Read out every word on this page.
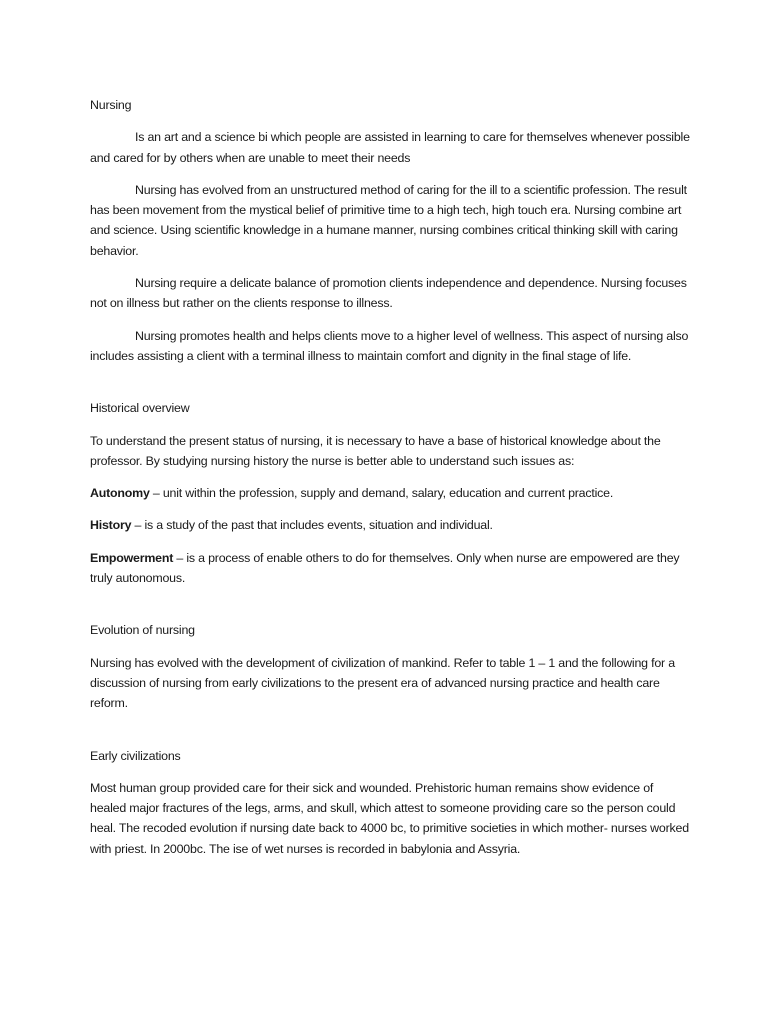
Nursing

Is an art and a science bi which people are assisted in learning to care for themselves whenever possible and cared for by others when are unable to meet their needs

Nursing has evolved from an unstructured method of caring for the ill to a scientific profession. The result has been movement from the mystical belief of primitive time to a high tech, high touch era. Nursing combine art and science. Using scientific knowledge in a humane manner, nursing combines critical thinking skill with caring behavior.

Nursing require a delicate balance of promotion clients independence and dependence. Nursing focuses not on illness but rather on the clients response to illness.

Nursing promotes health and helps clients move to a higher level of wellness. This aspect of nursing also includes assisting a client with a terminal illness to maintain comfort and dignity in the final stage of life.

Historical overview

To understand the present status of nursing, it is necessary to have a base of historical knowledge about the professor. By studying nursing history the nurse is better able to understand such issues as:

Autonomy – unit within the profession, supply and demand, salary, education and current practice.

History – is a study of the past that includes events, situation and individual.

Empowerment – is a process of enable others to do for themselves. Only when nurse are empowered are they truly autonomous.

Evolution of nursing

Nursing has evolved with the development of civilization of mankind. Refer to table 1 – 1 and the following for a discussion of nursing from early civilizations to the present era of advanced nursing practice and health care reform.

Early civilizations

Most human group provided care for their sick and wounded. Prehistoric human remains show evidence of healed major fractures of the legs, arms, and skull, which attest to someone providing care so the person could heal. The recoded evolution if nursing date back to 4000 bc, to primitive societies in which mother- nurses worked with priest. In 2000bc. The ise of wet nurses is recorded in babylonia and Assyria.
